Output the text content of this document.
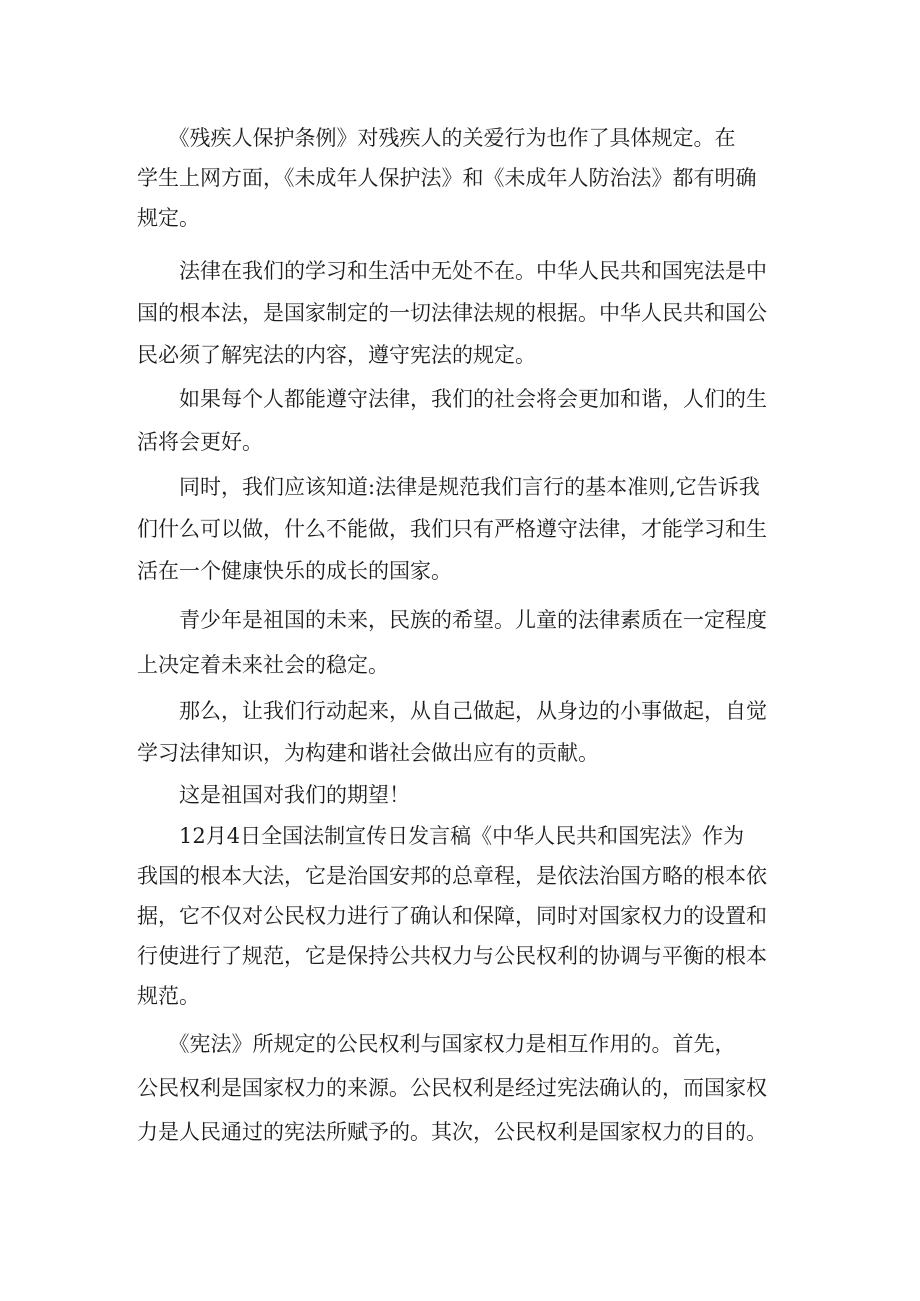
　　《残疾人保护条例》对残疾人的关爱行为也作了具体规定。在
学生上网方面，《未成年人保护法》和《未成年人防治法》都有明确
规定。
　　法律在我们的学习和生活中无处不在。中华人民共和国宪法是中
国的根本法，是国家制定的一切法律法规的根据。中华人民共和国公
民必须了解宪法的内容，遵守宪法的规定。
　　如果每个人都能遵守法律，我们的社会将会更加和谐，人们的生
活将会更好。
　　同时，我们应该知道:法律是规范我们言行的基本准则,它告诉我
们什么可以做，什么不能做，我们只有严格遵守法律，才能学习和生
活在一个健康快乐的成长的国家。
　　青少年是祖国的未来，民族的希望。儿童的法律素质在一定程度
上决定着未来社会的稳定。
　　那么，让我们行动起来，从自己做起，从身边的小事做起，自觉
学习法律知识，为构建和谐社会做出应有的贡献。
　　这是祖国对我们的期望！
　　12月4日全国法制宣传日发言稿《中华人民共和国宪法》作为
我国的根本大法，它是治国安邦的总章程，是依法治国方略的根本依
据，它不仅对公民权力进行了确认和保障，同时对国家权力的设置和
行使进行了规范，它是保持公共权力与公民权利的协调与平衡的根本
规范。
　　《宪法》所规定的公民权利与国家权力是相互作用的。首先，
公民权利是国家权力的来源。公民权利是经过宪法确认的，而国家权
力是人民通过的宪法所赋予的。其次，公民权利是国家权力的目的。
